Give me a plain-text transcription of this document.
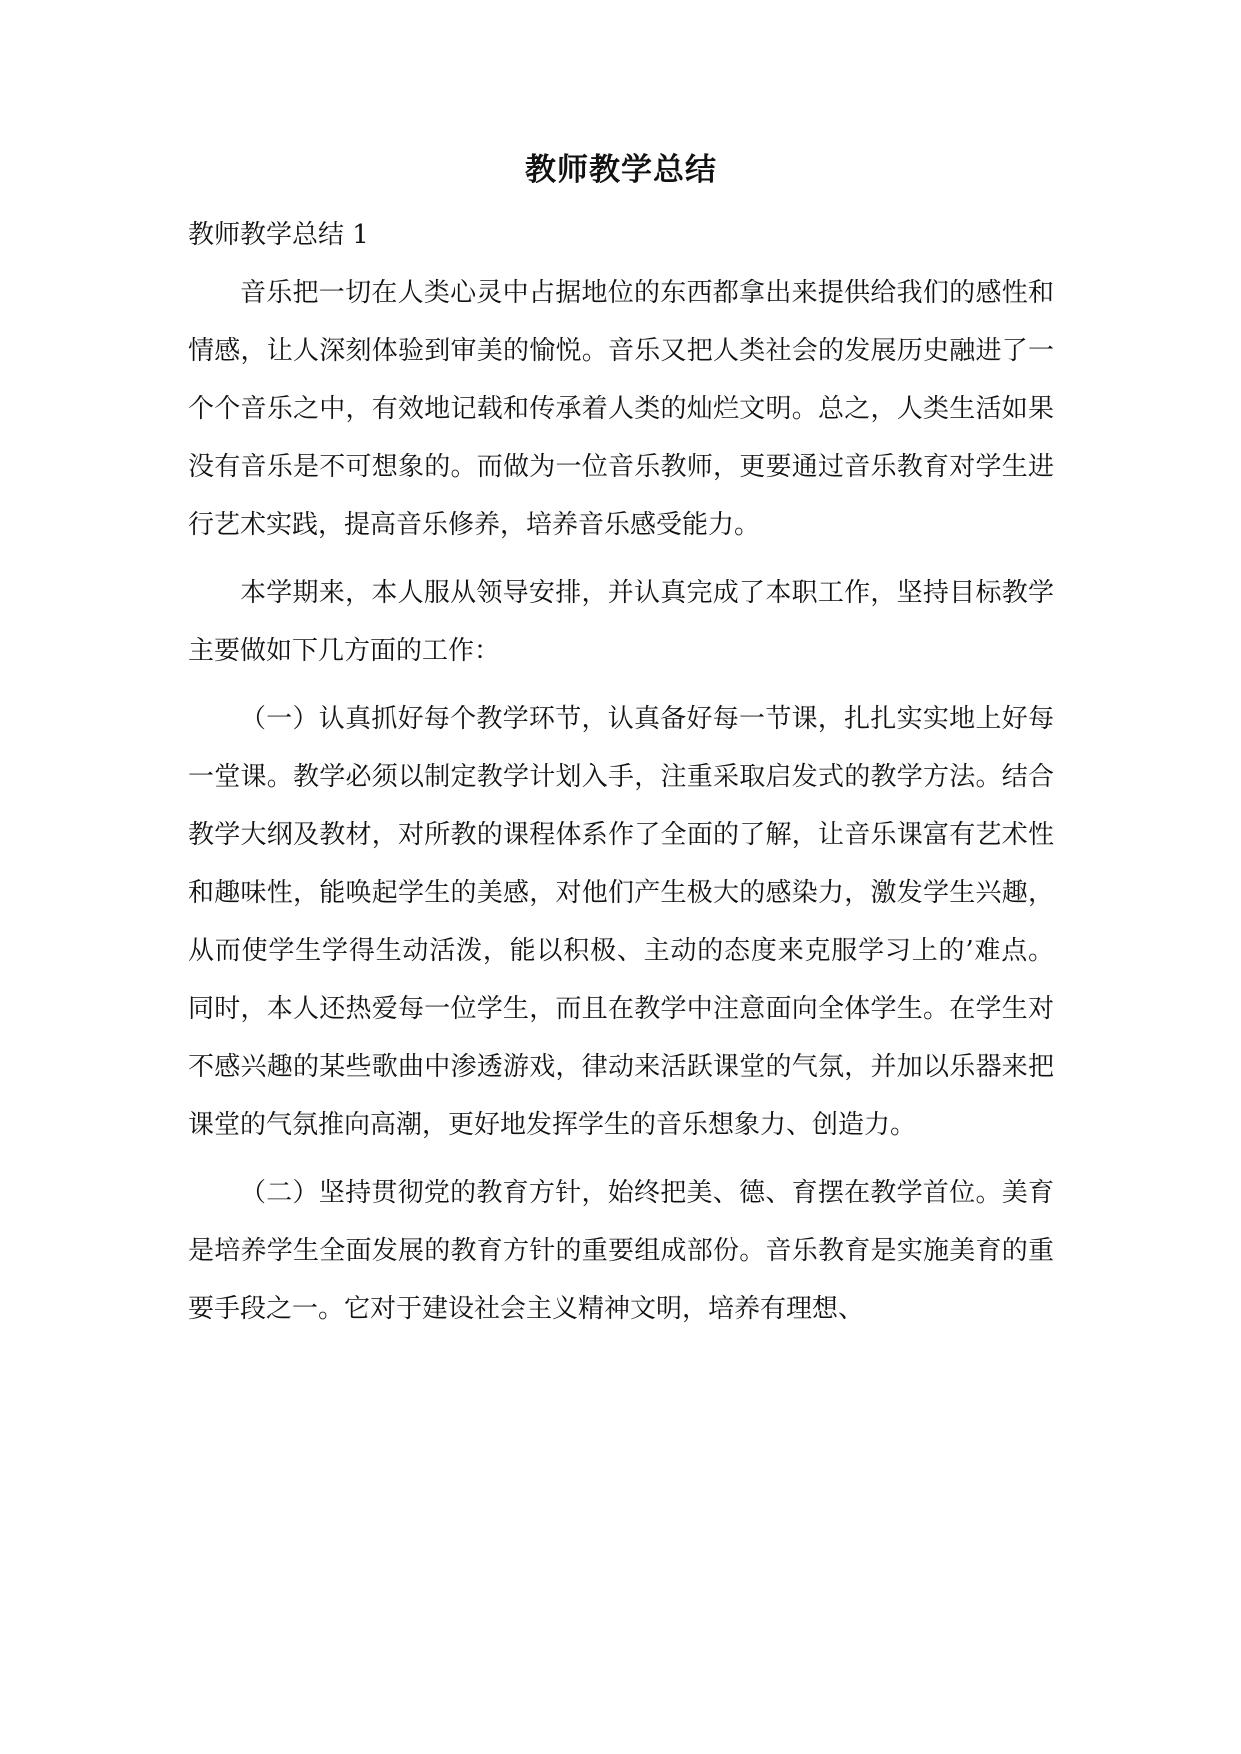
教师教学总结

教师教学总结 1

音乐把一切在人类心灵中占据地位的东西都拿出来提供给我们的感性和情感，让人深刻体验到审美的愉悦。音乐又把人类社会的发展历史融进了一个个音乐之中，有效地记载和传承着人类的灿烂文明。总之，人类生活如果没有音乐是不可想象的。而做为一位音乐教师，更要通过音乐教育对学生进行艺术实践，提高音乐修养，培养音乐感受能力。

本学期来，本人服从领导安排，并认真完成了本职工作，坚持目标教学主要做如下几方面的工作：

（一）认真抓好每个教学环节，认真备好每一节课，扎扎实实地上好每一堂课。教学必须以制定教学计划入手，注重采取启发式的教学方法。结合教学大纲及教材，对所教的课程体系作了全面的了解，让音乐课富有艺术性和趣味性，能唤起学生的美感，对他们产生极大的感染力，激发学生兴趣，从而使学生学得生动活泼，能以积极、主动的态度来克服学习上的’难点。同时，本人还热爱每一位学生，而且在教学中注意面向全体学生。在学生对不感兴趣的某些歌曲中渗透游戏，律动来活跃课堂的气氛，并加以乐器来把课堂的气氛推向高潮，更好地发挥学生的音乐想象力、创造力。

（二）坚持贯彻党的教育方针，始终把美、德、育摆在教学首位。美育是培养学生全面发展的教育方针的重要组成部份。音乐教育是实施美育的重要手段之一。它对于建设社会主义精神文明，培养有理想、
